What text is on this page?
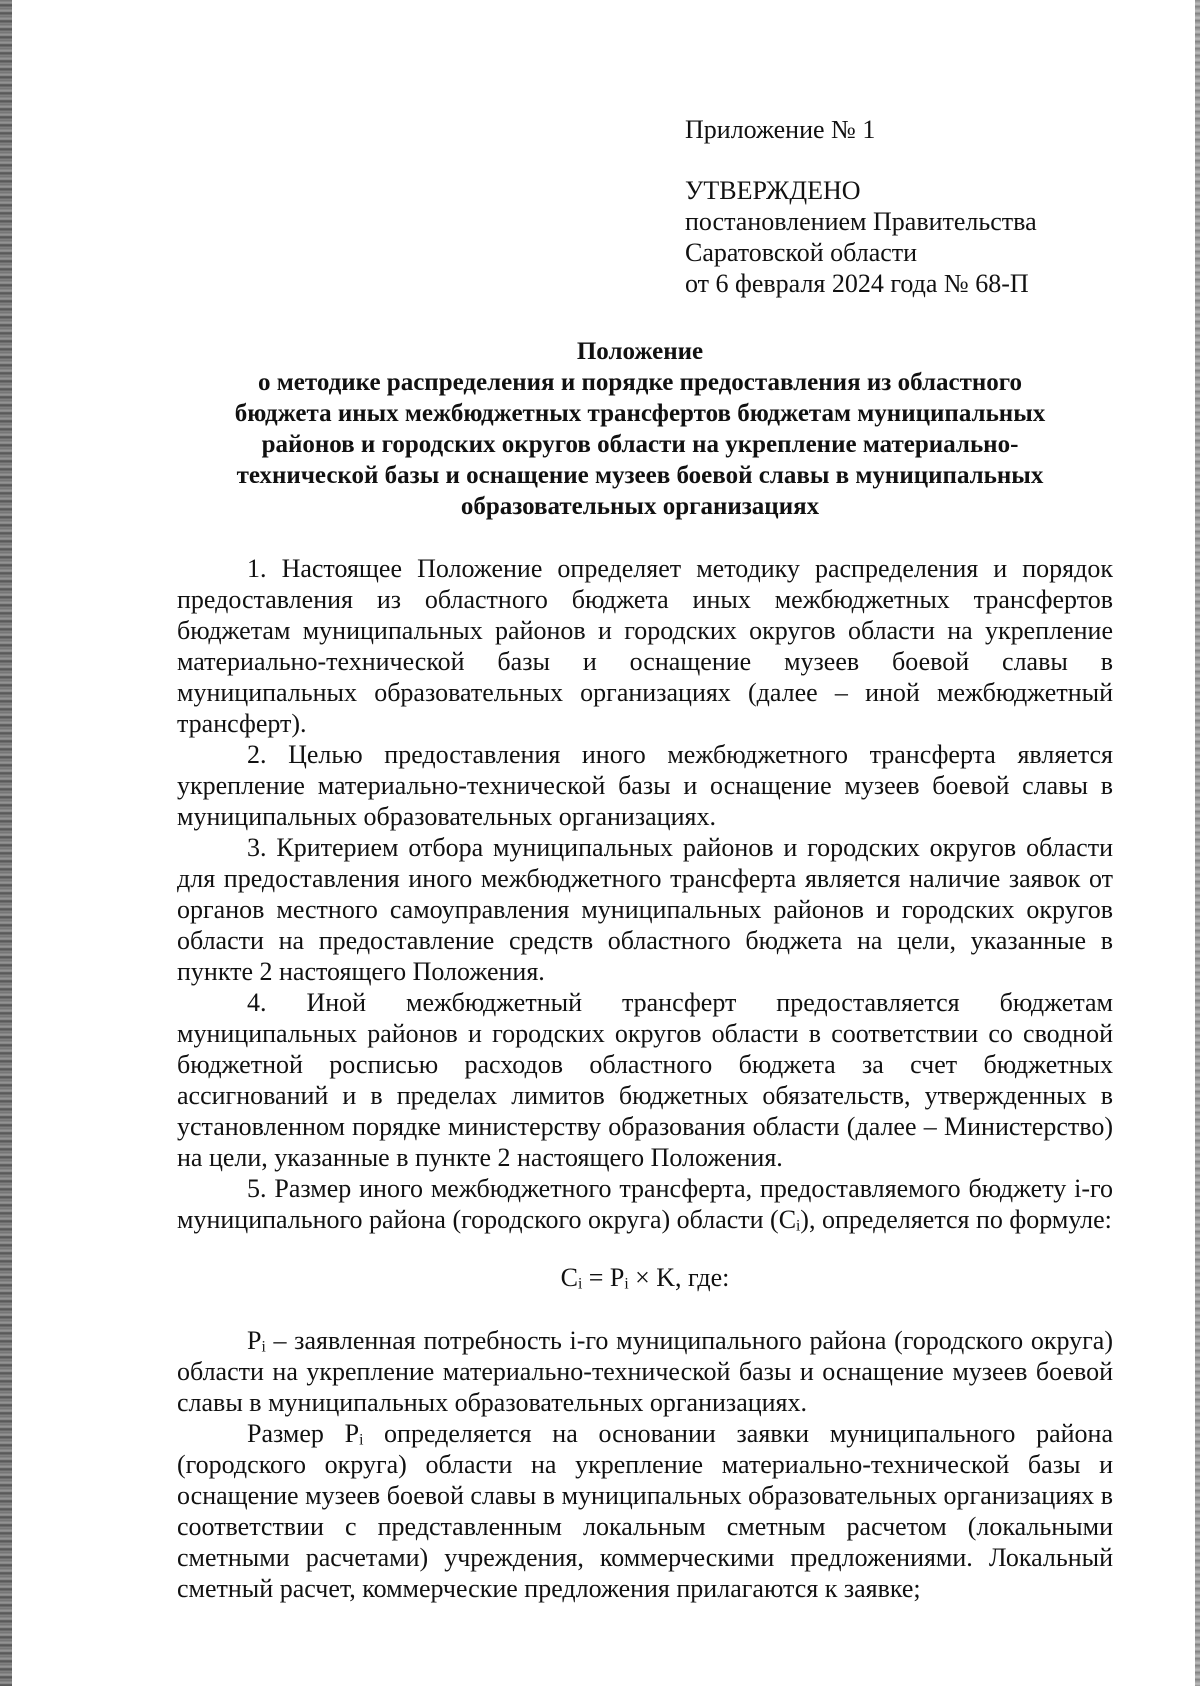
Приложение № 1
УТВЕРЖДЕНО
постановлением Правительства
Саратовской области
от 6 февраля 2024 года № 68-П
Положение
о методике распределения и порядке предоставления из областного
бюджета иных межбюджетных трансфертов бюджетам муниципальных
районов и городских округов области на укрепление материально-
технической базы и оснащение музеев боевой славы в муниципальных
образовательных организациях

1. Настоящее Положение определяет методику распределения и порядок предоставления из областного бюджета иных межбюджетных трансфертов бюджетам муниципальных районов и городских округов области на укрепление материально-технической базы и оснащение музеев боевой славы в муниципальных образовательных организациях (далее – иной межбюджетный трансферт).

2. Целью предоставления иного межбюджетного трансферта является укрепление материально-технической базы и оснащение музеев боевой славы в муниципальных образовательных организациях.

3. Критерием отбора муниципальных районов и городских округов области для предоставления иного межбюджетного трансферта является наличие заявок от органов местного самоуправления муниципальных районов и городских округов области на предоставление средств областного бюджета на цели, указанные в пункте 2 настоящего Положения.

4. Иной межбюджетный трансферт предоставляется бюджетам муниципальных районов и городских округов области в соответствии со сводной бюджетной росписью расходов областного бюджета за счет бюджетных ассигнований и в пределах лимитов бюджетных обязательств, утвержденных в установленном порядке министерству образования области (далее – Министерство) на цели, указанные в пункте 2 настоящего Положения.

5. Размер иного межбюджетного трансферта, предоставляемого бюджету i-го муниципального района (городского округа) области (Cᵢ), определяется по формуле:

Cᵢ = Pᵢ × K, где:

Pᵢ – заявленная потребность i-го муниципального района (городского округа) области на укрепление материально-технической базы и оснащение музеев боевой славы в муниципальных образовательных организациях.

Размер Pᵢ определяется на основании заявки муниципального района (городского округа) области на укрепление материально-технической базы и оснащение музеев боевой славы в муниципальных образовательных организациях в соответствии с представленным локальным сметным расчетом (локальными сметными расчетами) учреждения, коммерческими предложениями. Локальный сметный расчет, коммерческие предложения прилагаются к заявке;
